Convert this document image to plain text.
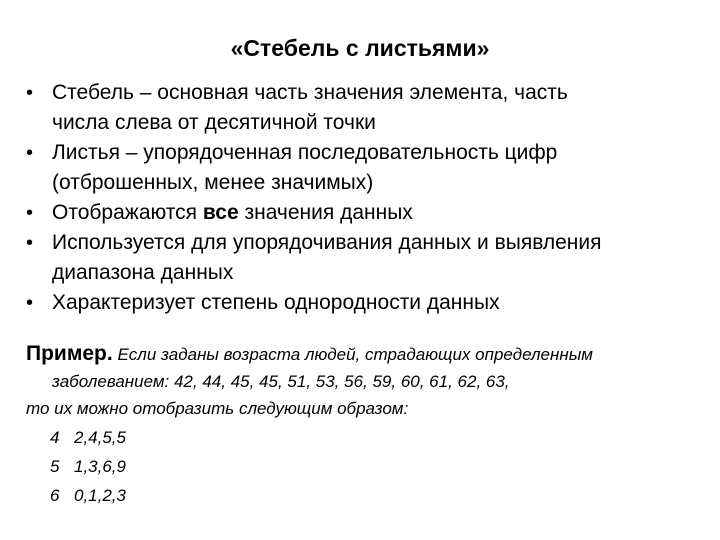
«Стебель с листьями»
• Стебель – основная часть значения элемента, часть
числа слева от десятичной точки
• Листья – упорядоченная последовательность цифр
(отброшенных, менее значимых)
• Отображаются все значения данных
• Используется для упорядочивания данных и выявления
диапазона данных
• Характеризует степень однородности данных
Пример. Если заданы возраста людей, страдающих определенным
заболеванием: 42, 44, 45, 45, 51, 53, 56, 59, 60, 61, 62, 63,
то их можно отобразить следующим образом:
4 2,4,5,5
5 1,3,6,9
6 0,1,2,3
